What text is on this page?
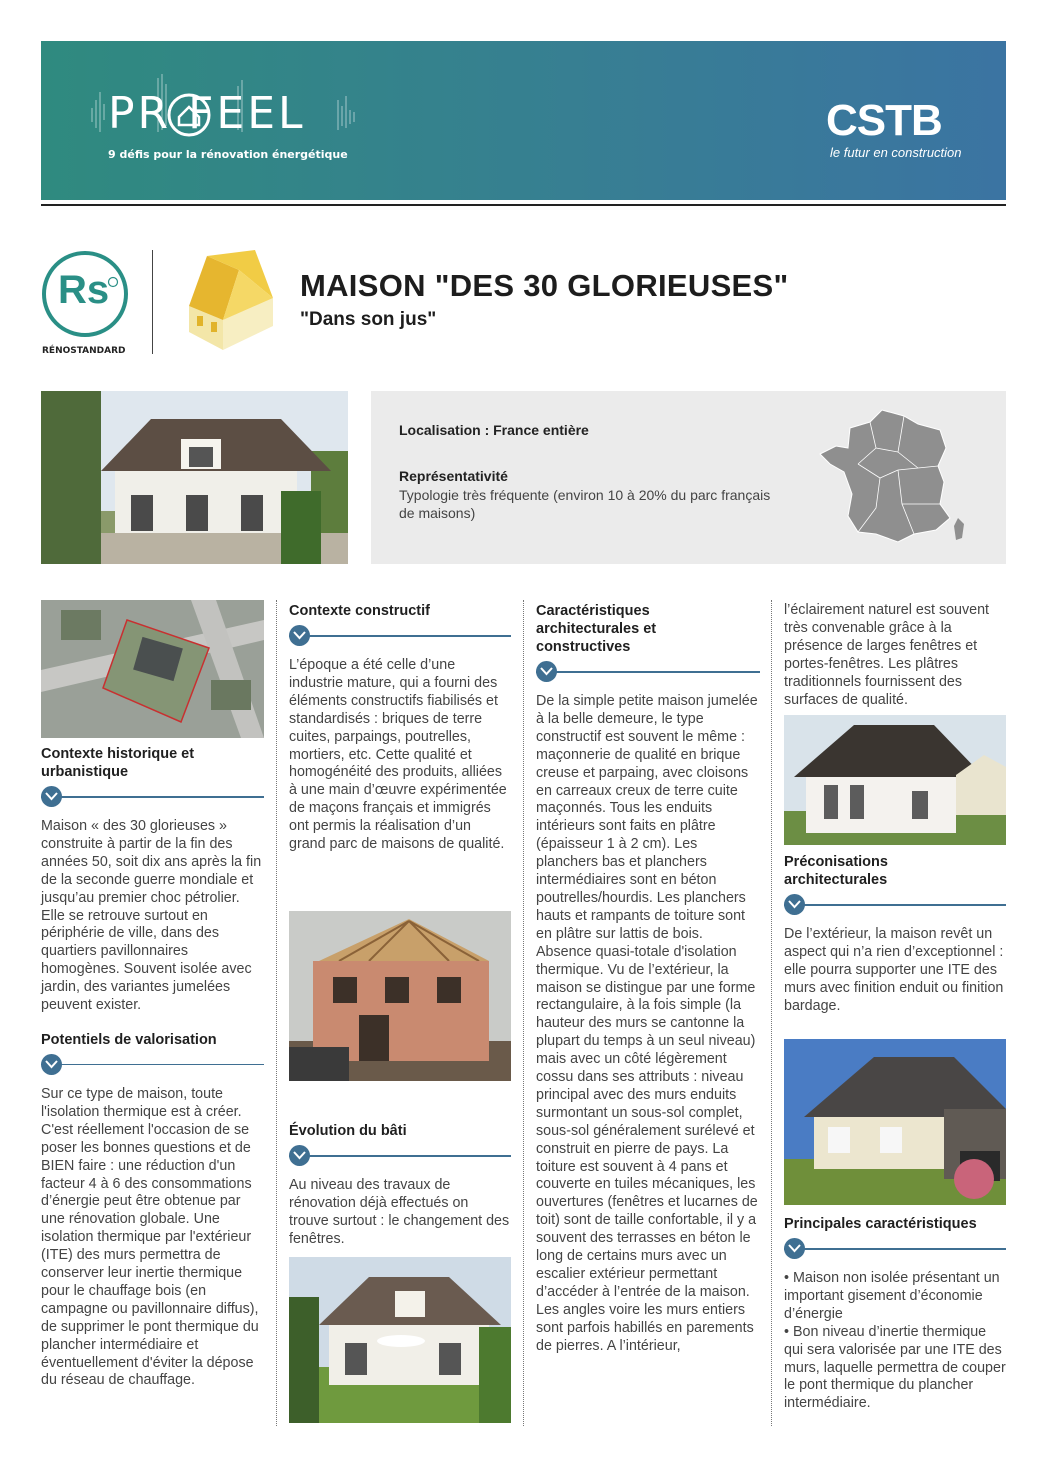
PR FEEL
9 défis pour la rénovation énergétique
CSTB
le futur en construction
Rs
RÉNOSTANDARD
MAISON "DES 30 GLORIEUSES"
"Dans son jus"
Localisation : France entière
Représentativité
Typologie très fréquente (environ 10 à 20% du parc français de maisons)
Contexte historique et urbanistique
Maison « des 30 glorieuses » construite à partir de la fin des années 50, soit dix ans après la fin de la seconde guerre mondiale et jusqu’au premier choc pétrolier. Elle se retrouve surtout en périphérie de ville, dans des quartiers pavillonnaires homogènes. Souvent isolée avec jardin, des variantes jumelées peuvent exister.
Potentiels de valorisation
Sur ce type de maison, toute l'isolation thermique est à créer. C'est réellement l'occasion de se poser les bonnes questions et de BIEN faire : une réduction d'un facteur 4 à 6 des consommations d’énergie peut être obtenue par une rénovation globale. Une isolation thermique par l'extérieur (ITE) des murs permettra de conserver leur inertie thermique pour le chauffage bois (en campagne ou pavillonnaire diffus), de supprimer le pont thermique du plancher intermédiaire et éventuellement d'éviter la dépose du réseau de chauffage.
Contexte constructif
L’époque a été celle d’une industrie mature, qui a fourni des éléments constructifs fiabilisés et standardisés : briques de terre cuites, parpaings, poutrelles, mortiers, etc. Cette qualité et homogénéité des produits, alliées à une main d’œuvre expérimentée de maçons français et immigrés ont permis la réalisation d’un grand parc de maisons de qualité.
Évolution du bâti
Au niveau des travaux de rénovation déjà effectués on trouve surtout : le changement des fenêtres.
Caractéristiques architecturales et constructives
De la simple petite maison jumelée à la belle demeure, le type constructif est souvent le même : maçonnerie de qualité en brique creuse et parpaing, avec cloisons en carreaux creux de terre cuite maçonnés. Tous les enduits intérieurs sont faits en plâtre (épaisseur 1 à 2 cm). Les planchers bas et planchers intermédiaires sont en béton poutrelles/hourdis. Les planchers hauts et rampants de toiture sont en plâtre sur lattis de bois. Absence quasi-totale d'isolation thermique. Vu de l’extérieur, la maison se distingue par une forme rectangulaire, à la fois simple (la hauteur des murs se cantonne la plupart du temps à un seul niveau) mais avec un côté légèrement cossu dans ses attributs : niveau principal avec des murs enduits surmontant un sous-sol complet, sous-sol généralement surélevé et construit en pierre de pays. La toiture est souvent à 4 pans et couverte en tuiles mécaniques, les ouvertures (fenêtres et lucarnes de toit) sont de taille confortable, il y a souvent des terrasses en béton le long de certains murs avec un escalier extérieur permettant d’accéder à l’entrée de la maison. Les angles voire les murs entiers sont parfois habillés en parements de pierres. A l’intérieur,
l’éclairement naturel est souvent très convenable grâce à la présence de larges fenêtres et portes-fenêtres. Les plâtres traditionnels fournissent des surfaces de qualité.
Préconisations architecturales
De l’extérieur, la maison revêt un aspect qui n’a rien d’exceptionnel : elle pourra supporter une ITE des murs avec finition enduit ou finition bardage.
Principales caractéristiques
• Maison non isolée présentant un important gisement d’économie d’énergie
• Bon niveau d’inertie thermique qui sera valorisée par une ITE des murs, laquelle permettra de couper le pont thermique du plancher intermédiaire.
